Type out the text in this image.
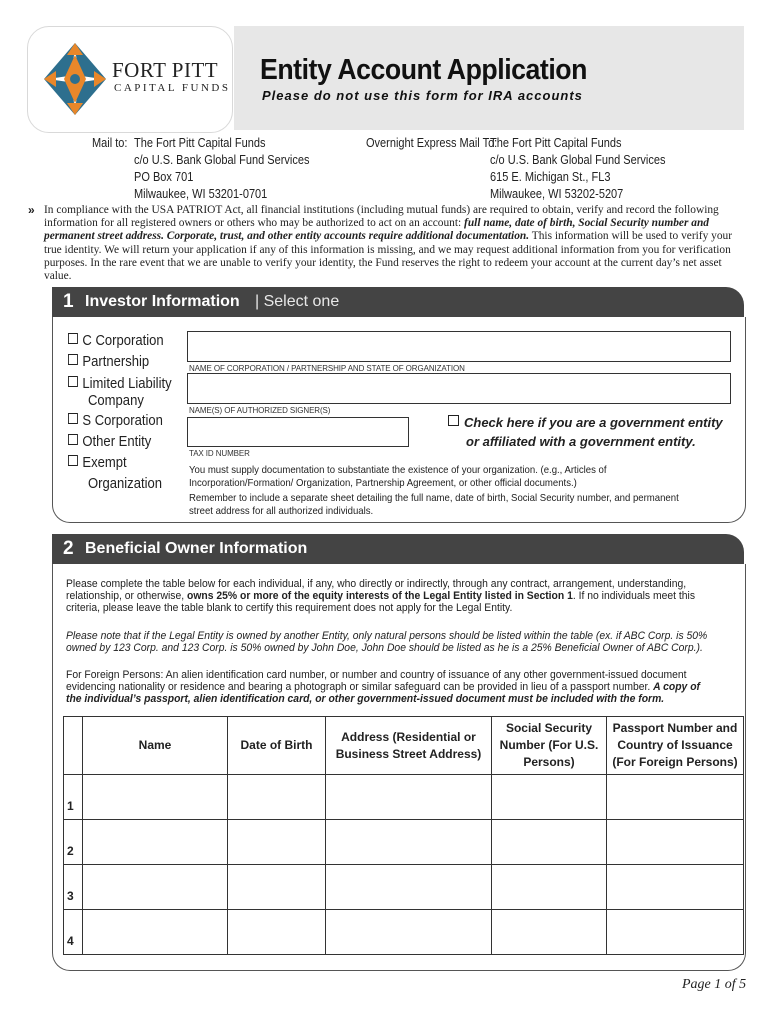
FORT PITT
CAPITAL FUNDS
Entity Account Application
Please do not use this form for IRA accounts
Mail to: The Fort Pitt Capital Funds
c/o U.S. Bank Global Fund Services
PO Box 701
Milwaukee, WI 53201-0701
Overnight Express Mail To:
The Fort Pitt Capital Funds
c/o U.S. Bank Global Fund Services
615 E. Michigan St., FL3
Milwaukee, WI 53202-5207
» In compliance with the USA PATRIOT Act, all financial institutions (including mutual funds) are required to obtain, verify and record the following information for all registered owners or others who may be authorized to act on an account: full name, date of birth, Social Security number and permanent street address. Corporate, trust, and other entity accounts require additional documentation. This information will be used to verify your true identity. We will return your application if any of this information is missing, and we may request additional information from you for verification purposes. In the rare event that we are unable to verify your identity, the Fund reserves the right to redeem your account at the current day’s net asset value.
1 Investor Information | Select one
C Corporation
Partnership
Limited Liability
Company
S Corporation
Other Entity
Exempt
Organization
NAME OF CORPORATION / PARTNERSHIP AND STATE OF ORGANIZATION
NAME(S) OF AUTHORIZED SIGNER(S)
TAX ID NUMBER
Check here if you are a government entity
or affiliated with a government entity.
You must supply documentation to substantiate the existence of your organization. (e.g., Articles of Incorporation/Formation/ Organization, Partnership Agreement, or other official documents.)
Remember to include a separate sheet detailing the full name, date of birth, Social Security number, and permanent street address for all authorized individuals.
2 Beneficial Owner Information
Please complete the table below for each individual, if any, who directly or indirectly, through any contract, arrangement, understanding, relationship, or otherwise, owns 25% or more of the equity interests of the Legal Entity listed in Section 1. If no individuals meet this criteria, please leave the table blank to certify this requirement does not apply for the Legal Entity.
Please note that if the Legal Entity is owned by another Entity, only natural persons should be listed within the table (ex. if ABC Corp. is 50% owned by 123 Corp. and 123 Corp. is 50% owned by John Doe, John Doe should be listed as he is a 25% Beneficial Owner of ABC Corp.).
For Foreign Persons: An alien identification card number, or number and country of issuance of any other government-issued document evidencing nationality or residence and bearing a photograph or similar safeguard can be provided in lieu of a passport number. A copy of the individual’s passport, alien identification card, or other government-issued document must be included with the form.
	Name	Date of Birth	Address (Residential or Business Street Address)	Social Security Number (For U.S. Persons)	Passport Number and Country of Issuance (For Foreign Persons)
1					
2					
3					
4					
Page 1 of 5
